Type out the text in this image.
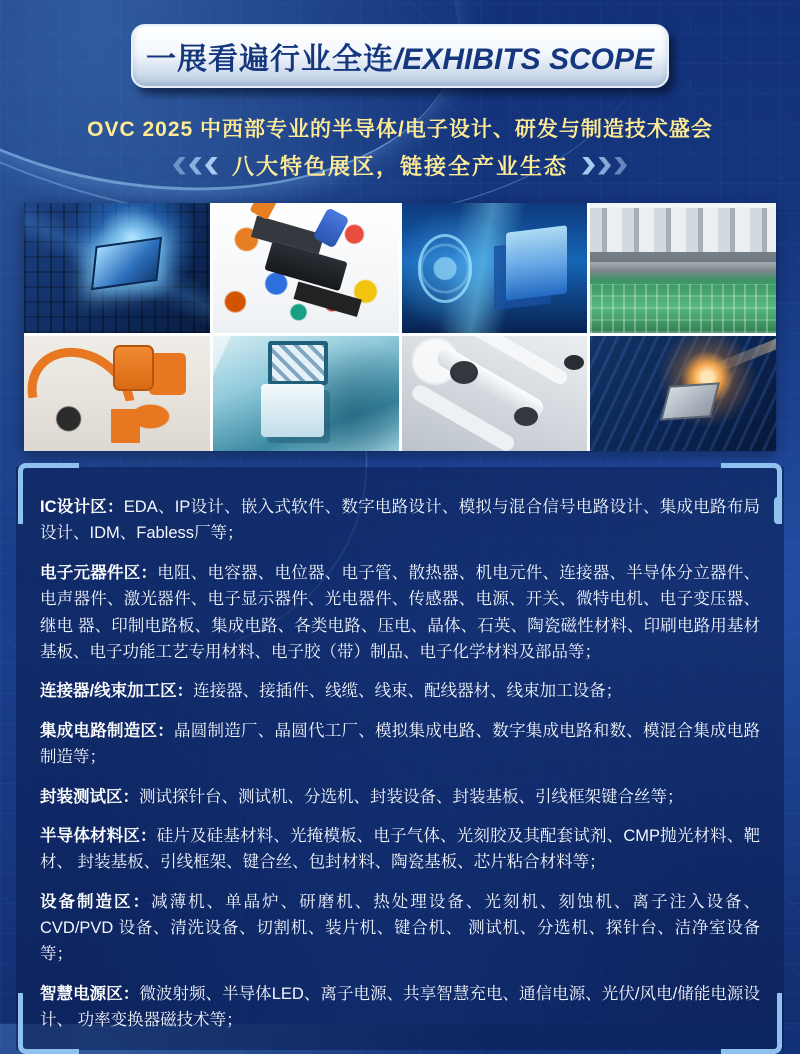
一展看遍行业全连/EXHIBITS SCOPE
OVC 2025 中西部专业的半导体/电子设计、研发与制造技术盛会
八大特色展区，链接全产业生态
IC设计区：EDA、IP设计、嵌入式软件、数字电路设计、模拟与混合信号电路设计、集成电路布局设计、IDM、Fabless厂等；
电子元器件区：电阻、电容器、电位器、电子管、散热器、机电元件、连接器、半导体分立器件、电声器件、激光器件、电子显示器件、光电器件、传感器、电源、开关、微特电机、电子变压器、继电 器、印制电路板、集成电路、各类电路、压电、晶体、石英、陶瓷磁性材料、印刷电路用基材基板、电子功能工艺专用材料、电子胶（带）制品、电子化学材料及部品等；
连接器/线束加工区：连接器、接插件、线缆、线束、配线器材、线束加工设备；
集成电路制造区：晶圆制造厂、晶圆代工厂、模拟集成电路、数字集成电路和数、模混合集成电路制造等；
封装测试区：测试探针台、测试机、分选机、封装设备、封装基板、引线框架键合丝等；
半导体材料区：硅片及硅基材料、光掩模板、电子气体、光刻胶及其配套试剂、CMP抛光材料、靶材、 封装基板、引线框架、键合丝、包封材料、陶瓷基板、芯片粘合材料等；
设备制造区：减薄机、单晶炉、研磨机、热处理设备、光刻机、刻蚀机、离子注入设备、 CVD/PVD 设备、清洗设备、切割机、装片机、键合机、 测试机、分选机、探针台、洁净室设备等；
智慧电源区：微波射频、半导体LED、离子电源、共享智慧充电、通信电源、光伏/风电/储能电源设计、 功率变换器磁技术等；
